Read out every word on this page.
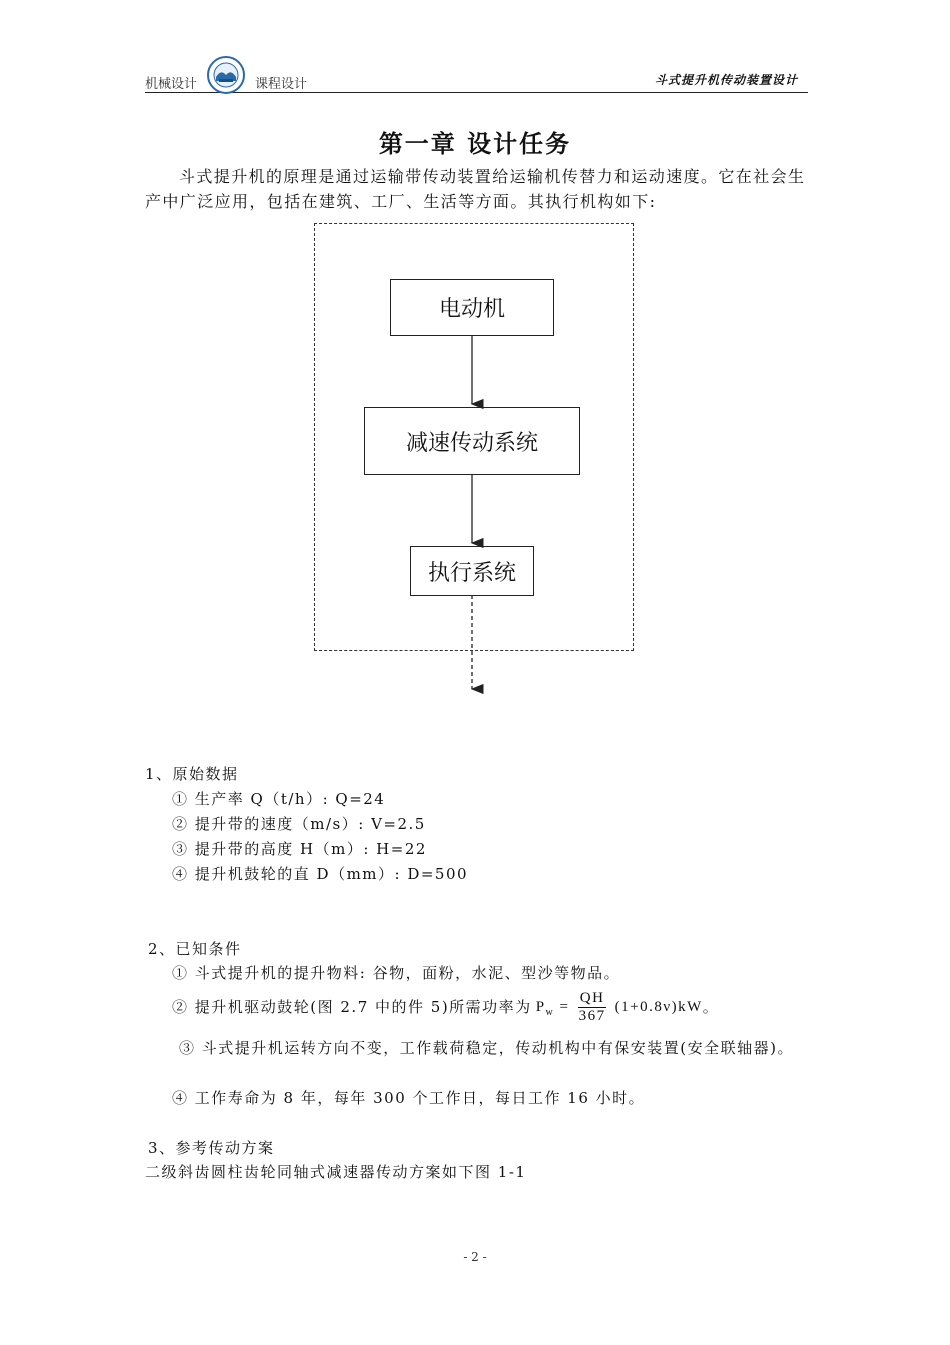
机械设计	课程设计	斗式提升机传动装置设计
第一章 设计任务
斗式提升机的原理是通过运输带传动装置给运输机传替力和运动速度。它在社会生产中广泛应用，包括在建筑、工厂、生活等方面。其执行机构如下:
电动机
减速传动系统
执行系统
1、原始数据
① 生产率 Q（t/h）: Q=24
② 提升带的速度（m/s）: V=2.5
③ 提升带的高度 H（m）: H=22
④ 提升机鼓轮的直 D（mm）: D=500
2、已知条件
① 斗式提升机的提升物料: 谷物，面粉，水泥、型沙等物品。
② 提升机驱动鼓轮(图 2.7 中的件 5)所需功率为 $P_w = \frac{QH}{367} (1+0.8\nu)kW$ 。
③ 斗式提升机运转方向不变，工作载荷稳定，传动机构中有保安装置(安全联轴器)。
④ 工作寿命为 8 年，每年 300 个工作日，每日工作 16 小时。
3、参考传动方案
二级斜齿圆柱齿轮同轴式减速器传动方案如下图 1-1
- 2 -
